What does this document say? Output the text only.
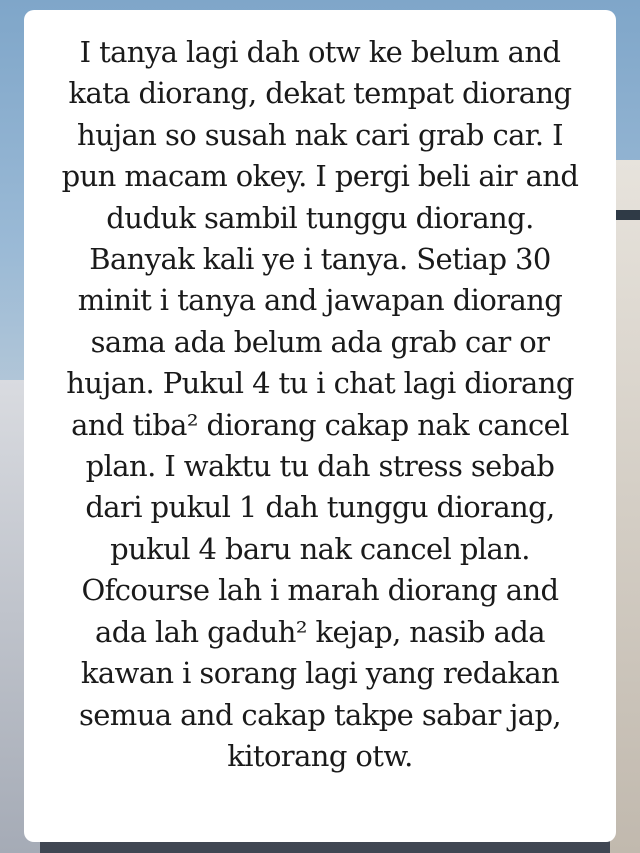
I tanya lagi dah otw ke belum and
kata diorang, dekat tempat diorang
hujan so susah nak cari grab car. I
pun macam okey. I pergi beli air and
duduk sambil tunggu diorang.
Banyak kali ye i tanya. Setiap 30
minit i tanya and jawapan diorang
sama ada belum ada grab car or
hujan. Pukul 4 tu i chat lagi diorang
and tiba² diorang cakap nak cancel
plan. I waktu tu dah stress sebab
dari pukul 1 dah tunggu diorang,
pukul 4 baru nak cancel plan.
Ofcourse lah i marah diorang and
ada lah gaduh² kejap, nasib ada
kawan i sorang lagi yang redakan
semua and cakap takpe sabar jap,
kitorang otw.
